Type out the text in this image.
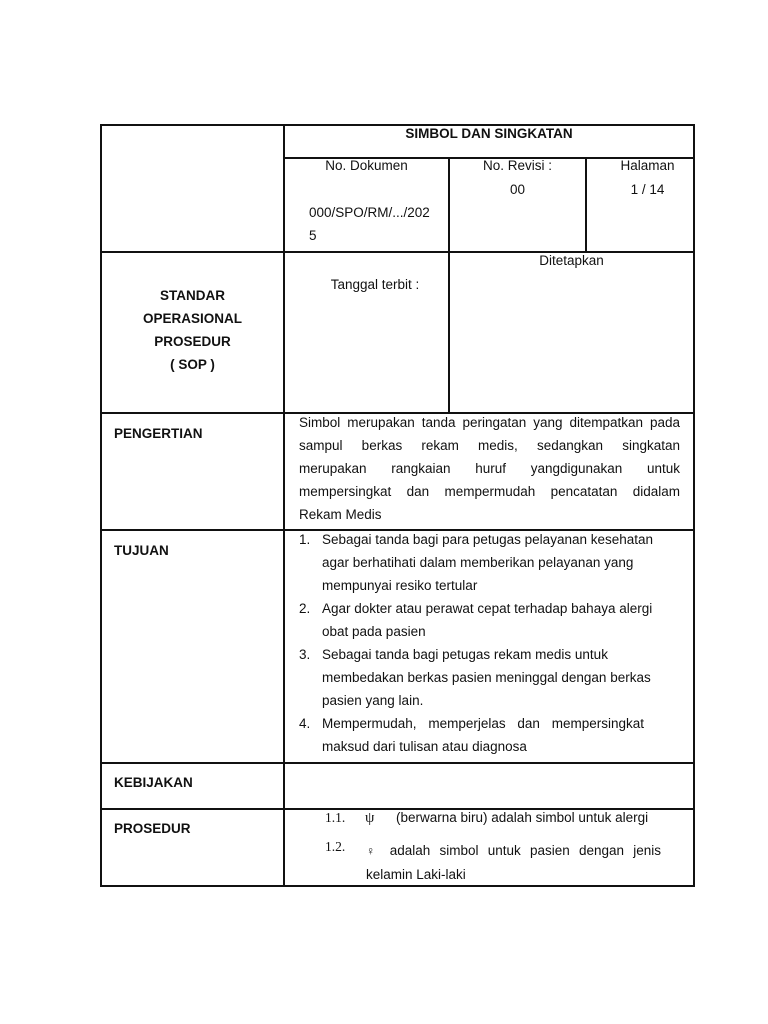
SIMBOL DAN SINGKATAN
No. Dokumen
000/SPO/RM/.../202
5
No. Revisi :
00
Halaman
1 / 14
STANDAR
OPERASIONAL
PROSEDUR
( SOP )
Tanggal terbit :
Ditetapkan
PENGERTIAN
Simbol merupakan tanda peringatan yang ditempatkan pada
sampul berkas rekam medis, sedangkan singkatan
merupakan rangkaian huruf yangdigunakan untuk
mempersingkat dan mempermudah pencatatan didalam
Rekam Medis
TUJUAN
1. Sebagai tanda bagi para petugas pelayanan kesehatan
agar berhatihati dalam memberikan pelayanan yang
mempunyai resiko tertular
2. Agar dokter atau perawat cepat terhadap bahaya alergi
obat pada pasien
3. Sebagai tanda bagi petugas rekam medis untuk
membedakan berkas pasien meninggal dengan berkas
pasien yang lain.
4. Mempermudah, memperjelas dan mempersingkat
maksud dari tulisan atau diagnosa
KEBIJAKAN
PROSEDUR
1.1. ψ (berwarna biru) adalah simbol untuk alergi
1.2. ♀ adalah simbol untuk pasien dengan jenis
kelamin Laki-laki
